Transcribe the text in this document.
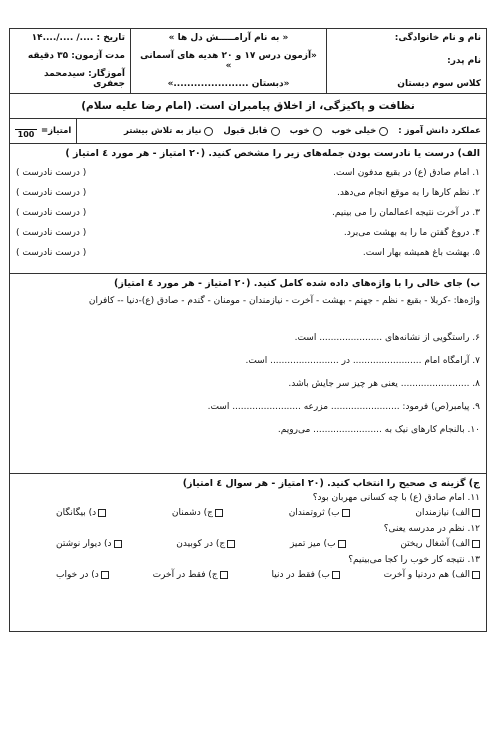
نام و نام خانوادگی:
نام پدر:
کلاس سوم دبستان
« به نام آرامـــــش دل ها »
«آزمون درس ۱۷ و ۲۰ هدیه های آسمانی »
«دبستان ......................»
تاریخ : ..../ ..../....۱۴
مدت آزمون: ۳۵ دقیقه
آموزگار: سیدمحمد جعفری
نظافت و پاکیزگی، از اخلاق پیامبران است. (امام رضا علیه سلام)
عملکرد دانش آموز :
خیلی خوب
خوب
قابل قبول
نیاز به تلاش بیشتر
امتیاز=
100
الف) درست یا نادرست بودن جمله‌های زیر را مشخص کنید. (۲۰ امتیاز - هر مورد ٤ امتیاز )
۱. امام صادق (ع) در بقیع مدفون است.
( درست نادرست )
۲. نظم کارها را به موقع انجام می‌دهد.
( درست نادرست )
۳. در آخرت نتیجه اعمالمان را می بینیم.
( درست نادرست )
۴. دروغ گفتن ما را به بهشت می‌برد.
( درست نادرست )
۵. بهشت باغ همیشه بهار است.
( درست نادرست )
ب) جای خالی را با واژه‌های داده شده کامل کنید. (۲۰ امتیاز - هر مورد ٤ امتیاز)
واژه‌ها: -کربلا - بقیع - نظم - جهنم - بهشت - آخرت - نیازمندان - مومنان - گندم - صادق (ع)-دنیا -- کافران
۶. راستگویی از نشانه‌های ...................... است.
۷. آرامگاه امام ........................ در ........................ است.
۸. ........................ یعنی هر چیز سر جایش باشد.
۹. پیامبر(ص) فرمود: ........................ مزرعه ........................ است.
۱۰. بالنجام کارهای نیک به ........................ می‌رویم.
ج) گزینه ی صحیح را انتخاب کنید. (۲۰ امتیاز - هر سوال ٤ امتیاز)
۱۱. امام صادق (ع) با چه کسانی مهربان بود؟
الف) نیازمندان
ب) ثروتمندان
ج) دشمنان
د) بیگانگان
۱۲. نظم در مدرسه یعنی؟
الف) آشغال ریختن
ب) میز تمیز
ج) در کوبیدن
د) دیوار نوشتن
۱۳. نتیجه کار خوب را کجا می‌بینیم؟
الف) هم دردنیا و آخرت
ب) فقط در دنیا
ج) فقط در آخرت
د) در خواب
